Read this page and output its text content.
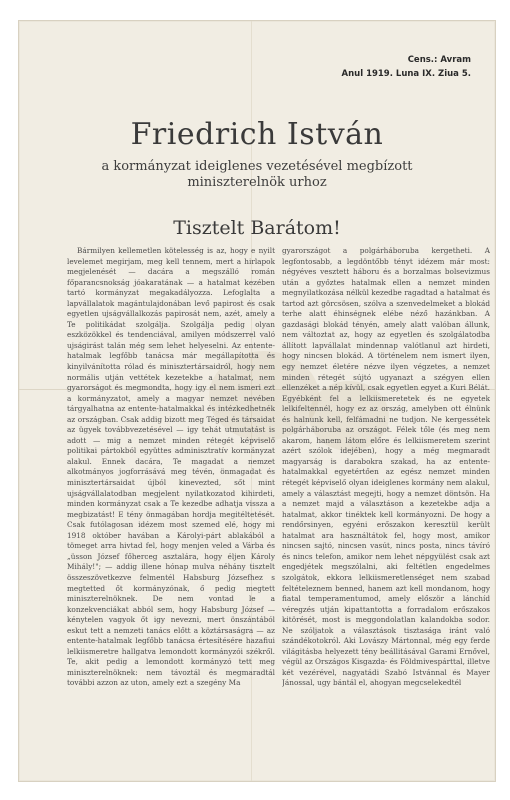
Cens.: Avram
Anul 1919. Luna IX. Ziua 5.
Friedrich István
a kormányzat ideiglenes vezetésével megbízott miniszterelnök urhoz
Tisztelt Barátom!
Bármilyen kellemetlen kötelesség is az, hogy e nyilt levelemet megirjam, meg kell tennem, mert a hirlapok megjelenését — dacára a megszálló román főparancsnokság jóakaratának — a hatalmat kezében tartó kormányzat megakadályozza. Lefoglalta a lapvállalatok magántulajdonában levő papirost és csak egyetlen ujságvállalkozás papirosát nem, azét, amely a Te politikádat szolgálja. Szolgálja pedig olyan eszközökkel és tendenciával, amilyen módszerrel való ujságirást talán még sem lehet helyeselni. Az entente-hatalmak legfőbb tanácsa már megállapította és kinyilvánította rólad és minisztertársaidról, hogy nem normális utján vettétek kezetekbe a hatalmat, nem gyarorságot és megmondta, hogy igy el nem ismeri ezt a kormányzatot, amely a magyar nemzet nevében tárgyalhatna az entente-hatalmakkal és intézkedhetnék az országban. Csak addig bizott meg Téged és társaidat az ügyek továbbvezetésével — igy tehát utmutatást is adott — mig a nemzet minden rétegét képviselő politikai pártokból együttes adminisztratív kormányzat alakul. Ennek dacára, Te magadat a nemzet alkotmányos jogforrásává meg tévén, önmagadat és minisztertársaidat újból kinevezted, sőt mint ujságvállalatodban megjelent nyilatkozatod kihirdeti, minden kormányzat csak a Te kezedbe adhatja vissza a megbizatást! E tény önmagában hordja megitéltetését. Csak futólagosan idézem most szemed elé, hogy mi 1918 október havában a Károlyi-párt ablakából a tömeget arra hivtad fel, hogy menjen veled a Várba és „üsson József főherceg asztalára, hogy éljen Károly Mihály!"; — addig illene hónap mulva néhány tisztelt összeszövetkezve felmentél Habsburg Józsefhez s megtetted őt kormányzónak, ő pedig megtett miniszterelnöknek. De nem vontad le a konzekvenciákat abból sem, hogy Habsburg József — kénytelen vagyok őt igy nevezni, mert önszántából eskut tett a nemzeti tanács előtt a köztársaságra — az entente-hatalmak legfőbb tanácsa értesítésére hazafiui lelkiismeretre hallgatva lemondott kormányzói székről. Te, akit pedig a lemondott kormányzó tett meg miniszterelnöknek: nem távoztál és megmaradtál további azzon az uton, amely ezt a szegény Ma
gyarországot a polgárháboruba kergetheti. A legfontosabb, a legdöntőbb tényt idézem már most: négyéves vesztett háboru és a borzalmas bolsevizmus után a győztes hatalmak ellen a nemzet minden megnyilatkozása nélkül kezedbe ragadtad a hatalmat és tartod azt görcsösen, szólva a szenvedelmeket a blokád terhe alatt éhinségnek elébe néző hazánkban. A gazdasági blokád tényén, amely alatt valóban állunk, nem változtat az, hogy az egyetlen és szolgálatodba állított lapvállalat mindennap valótlanul azt hirdeti, hogy nincsen blokád. A történelem nem ismert ilyen, egy nemzet életére nézve ilyen végzetes, a nemzet minden rétegét sújtó ugyanazt a szégyen ellen ellenzéket a nép kívül, csak egyetlen egyet a Kuri Bélát. Egyébként fel a lelkiismeretetek és ne egyetek lelkifeltennél, hogy ez az ország, amelyben ott élnünk és halnunk kell, felfámadni ne tudjon. Ne kergessétek polgárháboruba az országot. Félek tőle (és meg nem akarom, hanem látom előre és lelkiismeretem szerint azért szólok idejében), hogy a még megmaradt magyarság is darabokra szakad, ha az entente-hatalmakkal egyetértően az egész nemzet minden rétegét képviselő olyan ideiglenes kormány nem alakul, amely a választást megejti, hogy a nemzet döntsön. Ha a nemzet majd a választáson a kezetekbe adja a hatalmat, akkor tinéktek kell kormányozni. De hogy a rendőrsinyen, egyéni erőszakon keresztül került hatalmat ara használtátok fel, hogy most, amikor nincsen sajtó, nincsen vasút, nincs posta, nincs távíró és nincs telefon, amikor nem lehet népgyülést csak azt engedjétek megszólalni, aki feltétlen engedelmes szolgátok, ekkora lelkiismeretlenséget nem szabad feltételeznem benned, hanem azt kell mondanom, hogy fiatal temperamentumod, amely először a lánchíd véregzés utján kipattantotta a forradalom erőszakos kitörését, most is meggondolatlan kalandokba sodor. Ne szóljatok a választások tisztasága iránt való szándékotokról. Aki Lovászy Mártonnal, még egy ferde világitásba helyezett tény beállitásával Garami Ernővel, végül az Országos Kisgazda- és Földmivespárttal, illetve két vezérével, nagyatádi Szabó Istvánnal és Mayer Jánossal, ugy bántál el, ahogyan megcselekedtél
